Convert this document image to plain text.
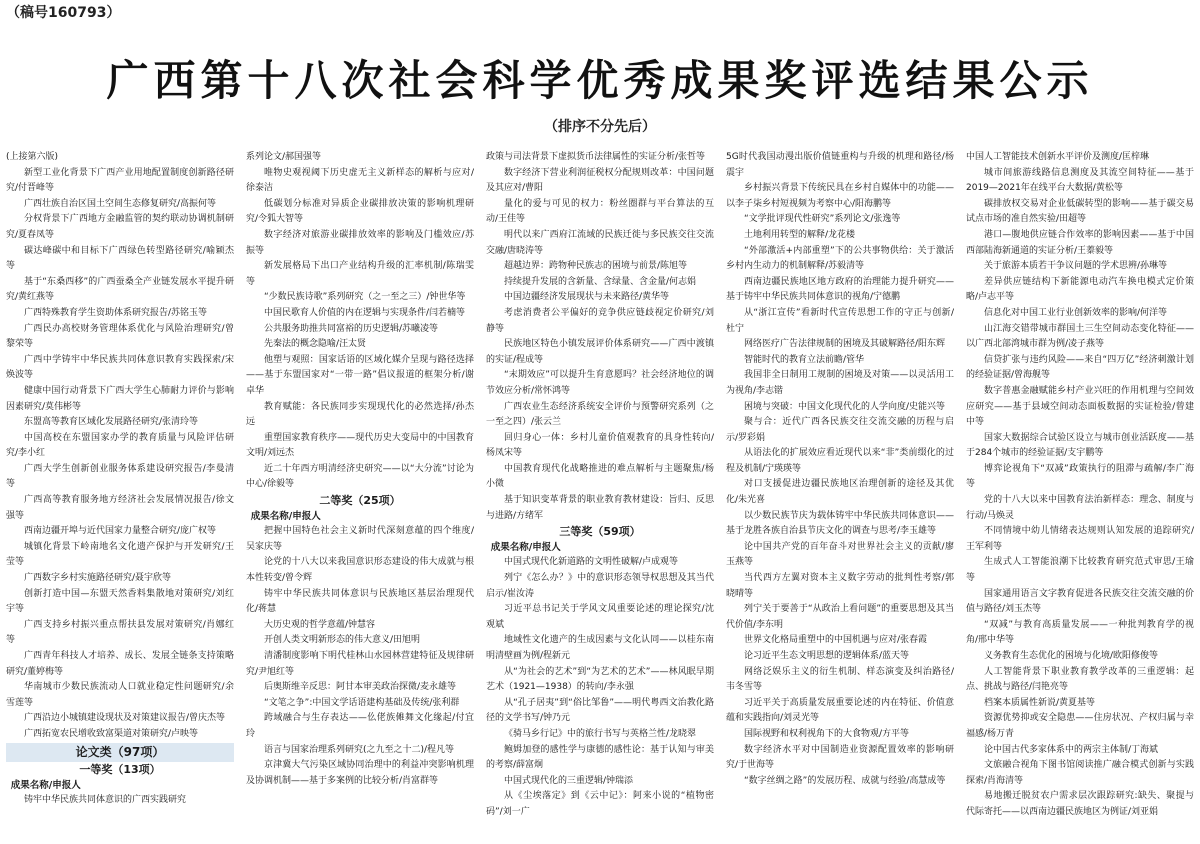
（稿号160793）
广西第十八次社会科学优秀成果奖评选结果公示
（排序不分先后）

(上接第六版)

新型工业化背景下广西产业用地配置制度创新路径研究/付晋峰等

广西壮族自治区国土空间生态修复研究/高振何等

分权背景下广西地方金融监管的契约联动协调机制研究/夏春凤等

碳达峰碳中和目标下广西绿色转型路径研究/喻颖杰等

基于“东桑西移”的广西蚕桑全产业链发展水平提升研究/黄红燕等

广西特殊教育学生资助体系研究报告/苏铭玉等

广西民办高校财务管理体系优化与风险治理研究/曾黎荣等

广西中学铸牢中华民族共同体意识教育实践探索/宋焕波等

健康中国行动背景下广西大学生心肺耐力评价与影响因素研究/莫伟彬等

东盟高等教育区域化发展路径研究/张清玲等

中国高校在东盟国家办学的教育质量与风险评估研究/李小红

广西大学生创新创业服务体系建设研究报告/李曼清等

广西高等教育服务地方经济社会发展情况报告/徐文强等

西南边疆开埠与近代国家力量整合研究/庞广权等

城镇化背景下岭南地名文化遗产保护与开发研究/王莹等

广西数字乡村实施路径研究/聂宇欣等

创新打造中国—东盟天然香料集散地对策研究/刘红宇等

广西支持乡村振兴重点帮扶县发展对策研究/肖娜红等

广西青年科技人才培养、成长、发展全链条支持策略研究/董婷梅等

华南城市少数民族流动人口就业稳定性问题研究/余雪莲等

广西沿边小城镇建设现状及对策建议报告/曾庆杰等

广西拓宽农民增收致富渠道对策研究/卢映等

论文类（97项）

一等奖（13项）

成果名称/申报人

铸牢中华民族共同体意识的广西实践研究

系列论文/郝国强等

唯物史观视阈下历史虚无主义新样态的解析与应对/徐泰洁

低碳划分标准对异质企业碳排放决策的影响机理研究/令狐大智等

数字经济对旅游业碳排放效率的影响及门槛效应/苏振等

新发展格局下出口产业结构升级的汇率机制/陈瑞雯等

“少数民族诗歌”系列研究（之一至之三）/钟世华等

中国民歌育人价值的内在逻辑与实现条件/闫若楠等

公共服务助推共同富裕的历史逻辑/苏曦凌等

先秦法的概念隐喻/汪太贤

他塑与观照：国家话语的区域化媒介呈现与路径选择——基于东盟国家对“一带一路”倡议报道的框架分析/谢卓华

教育赋能：各民族同步实现现代化的必然选择/孙杰远

重塑国家教育秩序——现代历史大变局中的中国教育文明/刘远杰

近二十年西方明清经济史研究——以“大分流”讨论为中心/徐毅等

二等奖（25项）

成果名称/申报人

把握中国特色社会主义新时代深刻意蕴的四个维度/吴家庆等

论党的十八大以来我国意识形态建设的伟大成就与根本性转变/曾令辉

铸牢中华民族共同体意识与民族地区基层治理现代化/蒋慧

大历史观的哲学意蕴/钟慧容

开创人类文明新形态的伟大意义/田旭明

清潘制度影响下明代桂林山水园林营建特征及规律研究/尹旭红等

后奥斯维辛反思：阿甘本审美政治探微/麦永雄等

“文笔之争”:中国文学话语建构基础及传统/张利群

跨域融合与生存表达——仫佬族傩舞文化缘起/付宜玲

语言与国家治理系列研究(之九至之十二)/程凡等

京津冀大气污染区域协同治理中的利益冲突影响机理及协调机制——基于多案例的比较分析/肖富群等

政策与司法背景下虚拟货币法律属性的实证分析/张哲等

数字经济下营业利润征税权分配规则改革：中国问题及其应对/曹阳

量化的爱与可见的权力：粉丝圈群与平台算法的互动/王佳等

明代以来广西府江流域的民族迁徙与多民族交往交流交融/唐晓涛等

超越边界：跨物种民族志的困境与前景/陈旭等

持续提升发展的含新量、含绿量、含金量/何志娟

中国边疆经济发展现状与未来路径/黄华等

考虑消费者公平偏好的竞争供应链歧视定价研究/刘静等

民族地区特色小镇发展评价体系研究——广西中渡镇的实证/程成等

“末期效应”可以提升生育意愿吗？社会经济地位的调节效应分析/常怀鸿等

广西农业生态经济系统安全评价与预警研究系列（之一至之四）/张云兰

回归身心一体：乡村儿童价值观教育的具身性转向/杨凤宋等

中国教育现代化战略推进的难点解析与主题聚焦/杨小微

基于知识变革背景的职业教育教材建设：旨归、反思与进路/方绪军

三等奖（59项）

成果名称/申报人

中国式现代化新道路的文明性破解/卢成观等

列宁《怎么办？》中的意识形态领导权思想及其当代启示/崔汝涛

习近平总书记关于学风文风重要论述的理论探究/沈观斌

地域性文化遗产的生成因素与文化认同——以桂东南明清壁画为例/程新元

从“为社会的艺术”到“为艺术的艺术”——林风眠早期艺术（1921—1938）的转向/李永强

从“孔子居夷”到“俗比邹鲁”——明代粤西文治教化路径的文学书写/钟乃元

《骑马乡行记》中的旅行书写与英格兰性/龙晓翠

鲍姆加登的感性学与康德的感性论：基于认知与审美的考察/薛富炯

中国式现代化的三重逻辑/钟瑞添

从《尘埃落定》到《云中记》：阿来小说的“植物密码”/刘一广

5G时代我国动漫出版价值链重构与升级的机理和路径/杨震宇

乡村振兴背景下传统民具在乡村自媒体中的功能——以李子柒乡村短视频为考察中心/阳海鹏等

“文学批评现代性研究”系列论文/张逸等

土地利用转型的解释/龙花楼

“外部激活+内部重塑”下的公共事物供给：关于激活乡村内生动力的机制解释/苏毅清等

西南边疆民族地区地方政府的治理能力提升研究——基于铸牢中华民族共同体意识的视角/宁德鹏

从“浙江宣传”看新时代宣传思想工作的守正与创新/杜宁

网络医疗广告法律规制的困境及其破解路径/阳东辉

智能时代的教育立法前瞻/管华

我国非全日制用工规制的困境及对策——以灵活用工为视角/李志锴

困境与突破：中国文化现代化的人学向度/史能兴等

聚与合：近代广西各民族交往交流交融的历程与启示/罗彩娟

从语法化的扩展效应看近现代以来“非”类前缀化的过程及机制/宁瑛瑛等

对口支援促进边疆民族地区治理创新的途径及其优化/朱光喜

以少数民族节庆为载体铸牢中华民族共同体意识——基于龙胜各族自治县节庆文化的调查与思考/李玉雄等

论中国共产党的百年奋斗对世界社会主义的贡献/廖玉燕等

当代西方左翼对资本主义数字劳动的批判性考察/郭晓晴等

列宁关于要善于“从政治上看问题”的重要思想及其当代价值/李东明

世界文化格局重塑中的中国机遇与应对/张春霞

论习近平生态文明思想的逻辑体系/蓝天等

网络泛娱乐主义的衍生机制、样态演变及纠治路径/韦冬雪等

习近平关于高质量发展重要论述的内在特征、价值意蕴和实践指向/刘灵光等

国际视野和权利视角下的大食物观/方平等

数字经济水平对中国制造业资源配置效率的影响研究/于世海等

“数字丝绸之路”的发展历程、成就与经验/高慧成等

中国人工智能技术创新水平评价及测度/匡梓琳

城市间旅游线路信息测度及其流空间特征——基于2019—2021年在线平台大数据/黄松等

碳排放权交易对企业低碳转型的影响——基于碳交易试点市场的准自然实验/田超等

港口—腹地供应链合作效率的影响因素——基于中国西部陆海新通道的实证分析/王蓁毅等

关于旅游本质若干争议问题的学术思辨/孙琳等

差异供应链结构下新能源电动汽车换电模式定价策略/卢志平等

信息化对中国工业行业创新效率的影响/何洋等

山江海交错带城市群国土三生空间动态变化特征——以广西北部湾城市群为例/凌子燕等

信贷扩张与违约风险——来自“四万亿”经济刺激计划的经验证据/曾海舰等

数字普惠金融赋能乡村产业兴旺的作用机理与空间效应研究——基于县域空间动态面板数据的实证检验/曾建中等

国家大数据综合试验区设立与城市创业活跃度——基于284个城市的经验证据/支宇鹏等

博弈论视角下“双减”政策执行的阻滞与疏解/李广海等

党的十八大以来中国教育法治新样态：理念、制度与行动/马焕灵

不同情境中幼儿情绪表达规则认知发展的追踪研究/王军利等

生成式人工智能浪潮下比较教育研究范式审思/王瑜等

国家通用语言文字教育促进各民族交往交流交融的价值与路径/刘玉杰等

“双减”与教育高质量发展——一种批判教育学的视角/邢中华等

义务教育生态优化的困境与化境/欧阳修俊等

人工智能背景下职业教育教学改革的三重逻辑：起点、挑战与路径/闫艳亮等

档案本质属性新说/黄夏基等

资源优势抑或安全隐患——住房状况、产权归属与幸福感/杨万青

论中国古代多家体系中的两宗主体制/丁海斌

文旅融合视角下图书馆阅读推广融合模式创新与实践探索/肖海清等

易地搬迁脱贫农户需求层次跟踪研究:缺失、聚提与代际寄托——以西南边疆民族地区为例证/刘亚娟
